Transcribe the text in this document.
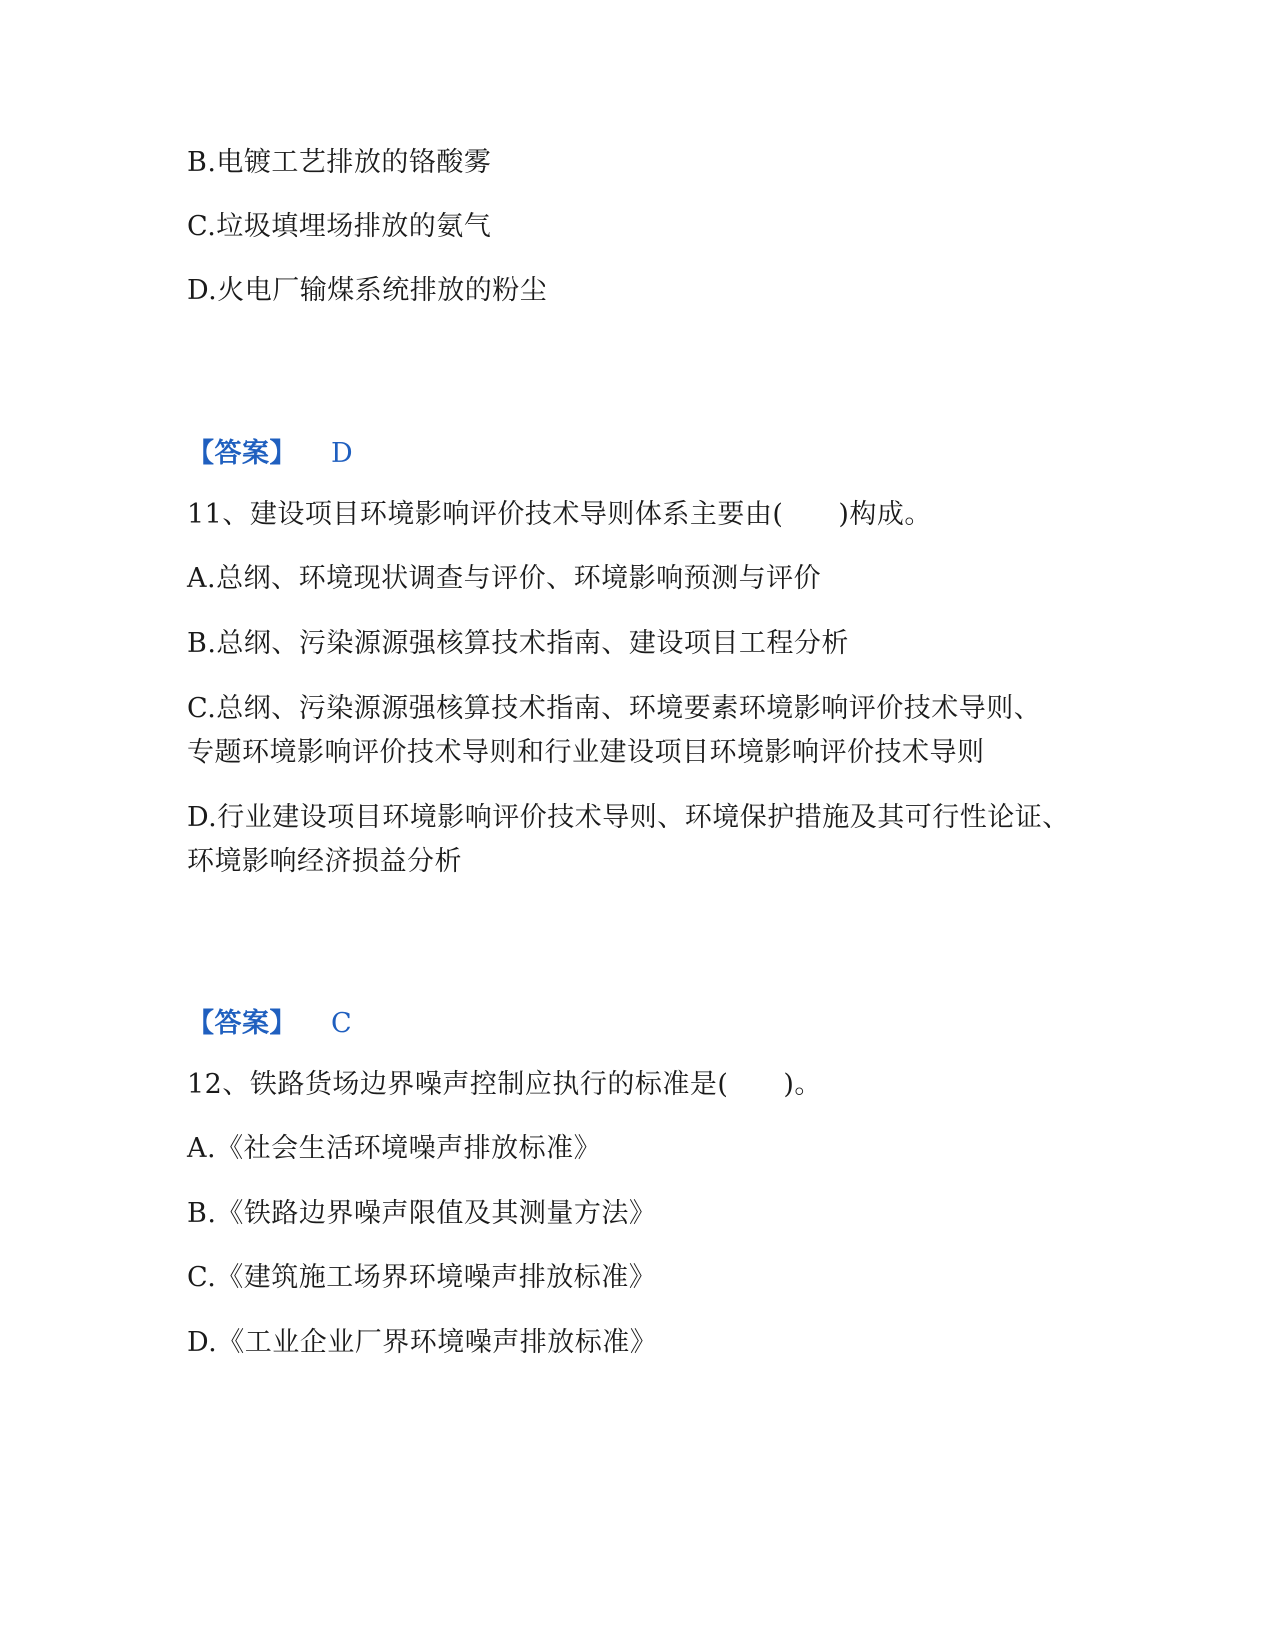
B.电镀工艺排放的铬酸雾
C.垃圾填埋场排放的氨气
D.火电厂输煤系统排放的粉尘
【答案】 D
11、建设项目环境影响评价技术导则体系主要由(　　)构成。
A.总纲、环境现状调查与评价、环境影响预测与评价
B.总纲、污染源源强核算技术指南、建设项目工程分析
C.总纲、污染源源强核算技术指南、环境要素环境影响评价技术导则、
专题环境影响评价技术导则和行业建设项目环境影响评价技术导则
D.行业建设项目环境影响评价技术导则、环境保护措施及其可行性论证、
环境影响经济损益分析
【答案】 C
12、铁路货场边界噪声控制应执行的标准是(　　)。
A.《社会生活环境噪声排放标准》
B.《铁路边界噪声限值及其测量方法》
C.《建筑施工场界环境噪声排放标准》
D.《工业企业厂界环境噪声排放标准》
